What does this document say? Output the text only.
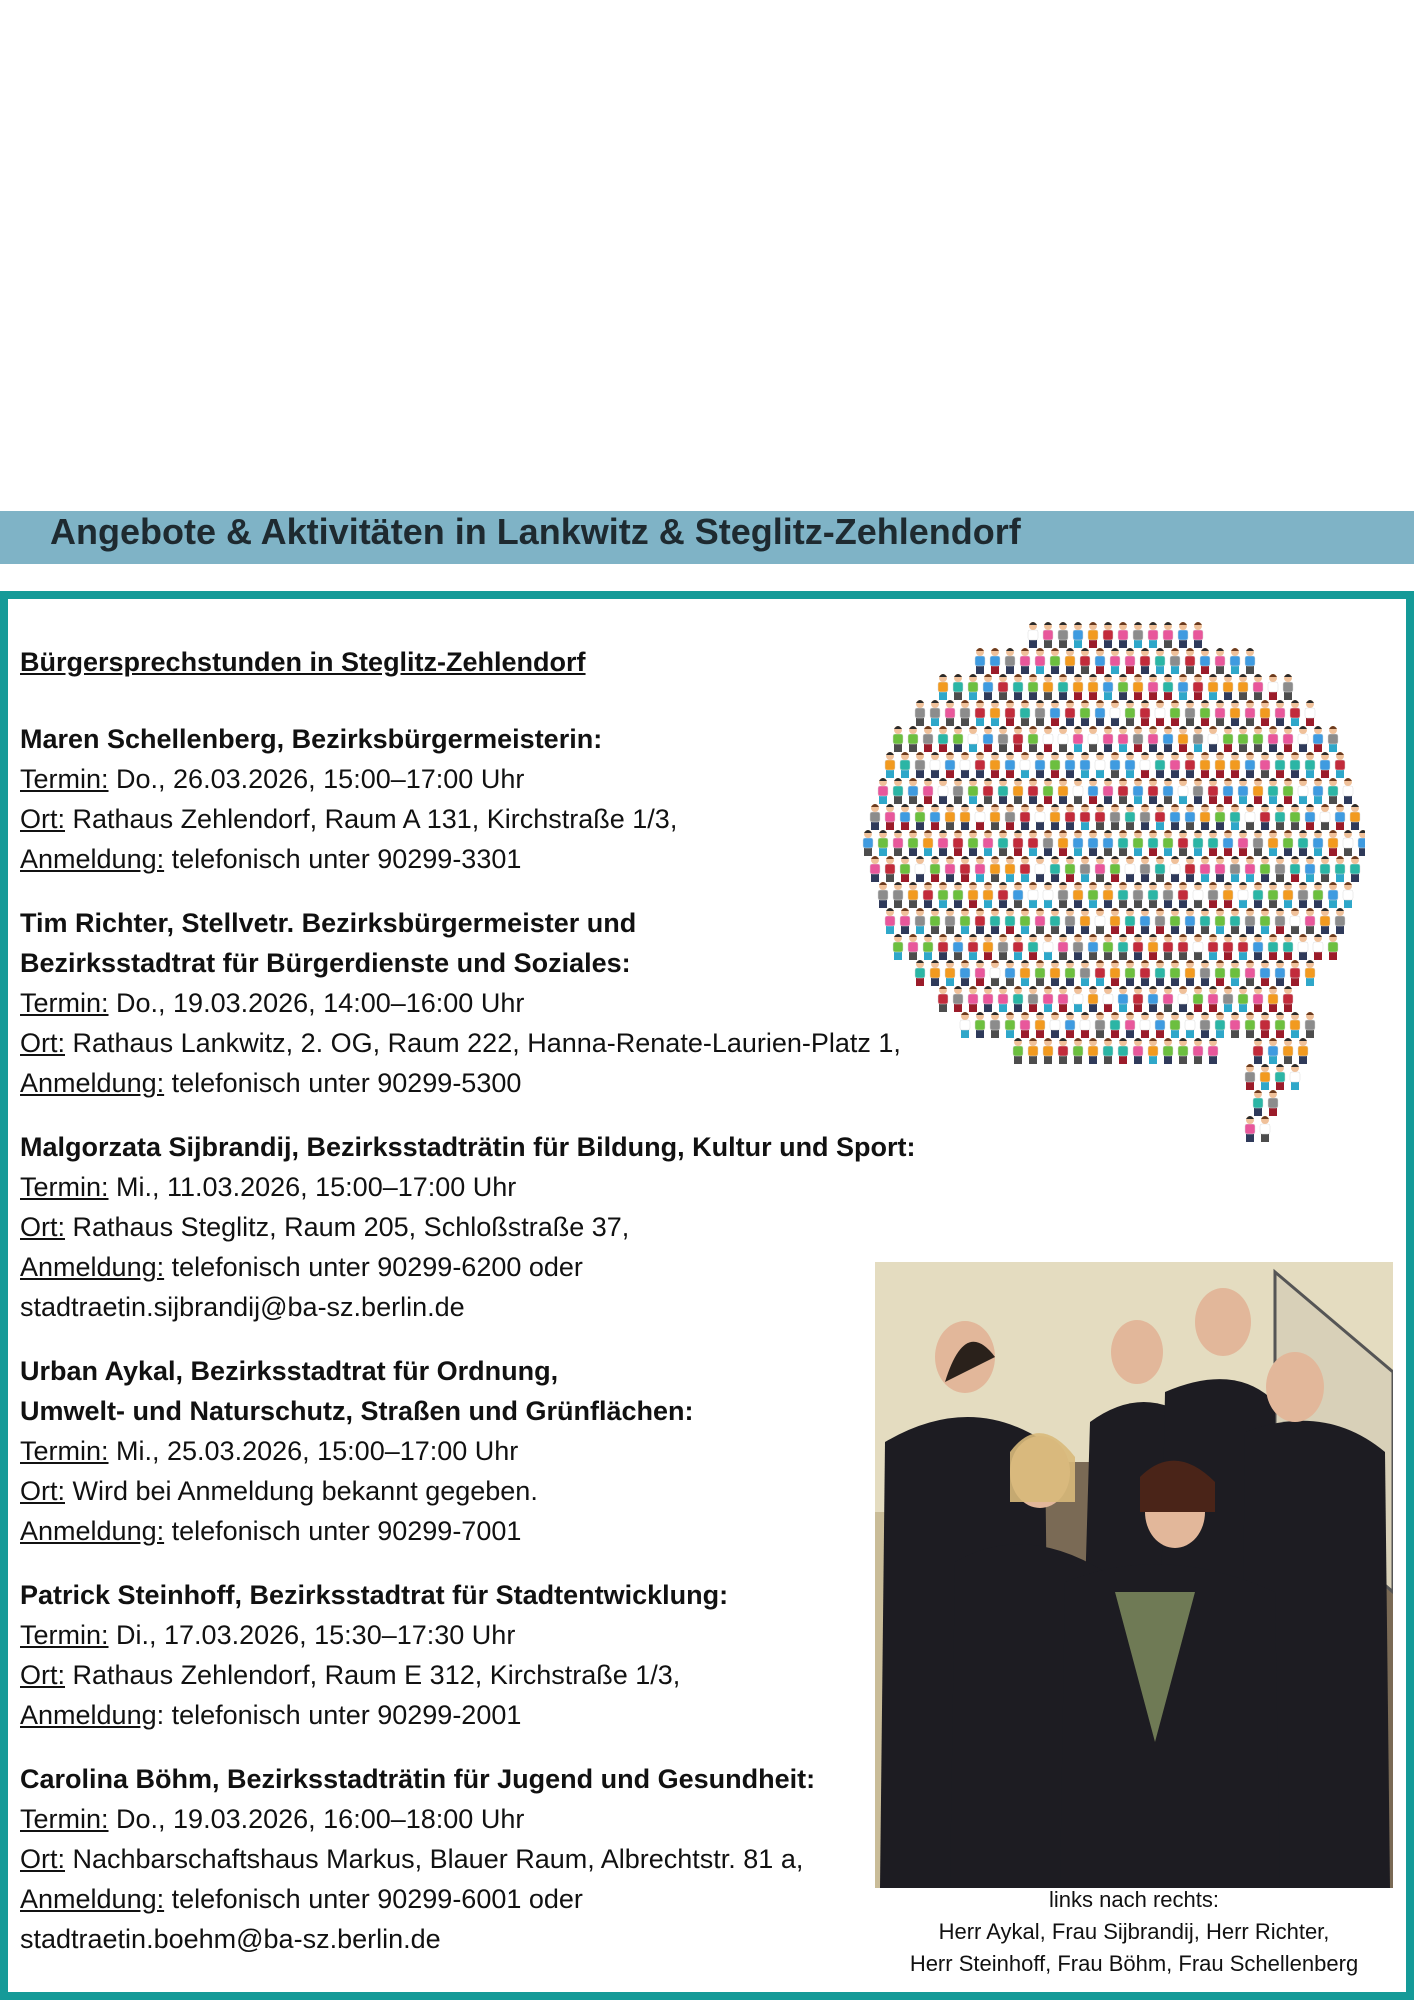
Angebote & Aktivitäten in Lankwitz & Steglitz-Zehlendorf
Bürgersprechstunden in Steglitz-Zehlendorf
Maren Schellenberg, Bezirksbürgermeisterin:
Termin: Do., 26.03.2026, 15:00–17:00 Uhr
Ort: Rathaus Zehlendorf, Raum A 131, Kirchstraße 1/3,
Anmeldung: telefonisch unter 90299-3301
Tim Richter, Stellvetr. Bezirksbürgermeister und
Bezirksstadtrat für Bürgerdienste und Soziales:
Termin: Do., 19.03.2026, 14:00–16:00 Uhr
Ort: Rathaus Lankwitz, 2. OG, Raum 222, Hanna-Renate-Laurien-Platz 1,
Anmeldung: telefonisch unter 90299-5300
Malgorzata Sijbrandij, Bezirksstadträtin für Bildung, Kultur und Sport:
Termin: Mi., 11.03.2026, 15:00–17:00 Uhr
Ort: Rathaus Steglitz, Raum 205, Schloßstraße 37,
Anmeldung: telefonisch unter 90299-6200 oder
stadtraetin.sijbrandij@ba-sz.berlin.de
Urban Aykal, Bezirksstadtrat für Ordnung,
Umwelt- und Naturschutz, Straßen und Grünflächen:
Termin: Mi., 25.03.2026, 15:00–17:00 Uhr
Ort: Wird bei Anmeldung bekannt gegeben.
Anmeldung: telefonisch unter 90299-7001
Patrick Steinhoff, Bezirksstadtrat für Stadtentwicklung:
Termin: Di., 17.03.2026, 15:30–17:30 Uhr
Ort: Rathaus Zehlendorf, Raum E 312, Kirchstraße 1/3,
Anmeldung: telefonisch unter 90299-2001
Carolina Böhm, Bezirksstadträtin für Jugend und Gesundheit:
Termin: Do., 19.03.2026, 16:00–18:00 Uhr
Ort: Nachbarschaftshaus Markus, Blauer Raum, Albrechtstr. 81 a,
Anmeldung: telefonisch unter 90299-6001 oder
stadtraetin.boehm@ba-sz.berlin.de
links nach rechts:
Herr Aykal, Frau Sijbrandij, Herr Richter,
Herr Steinhoff, Frau Böhm, Frau Schellenberg
